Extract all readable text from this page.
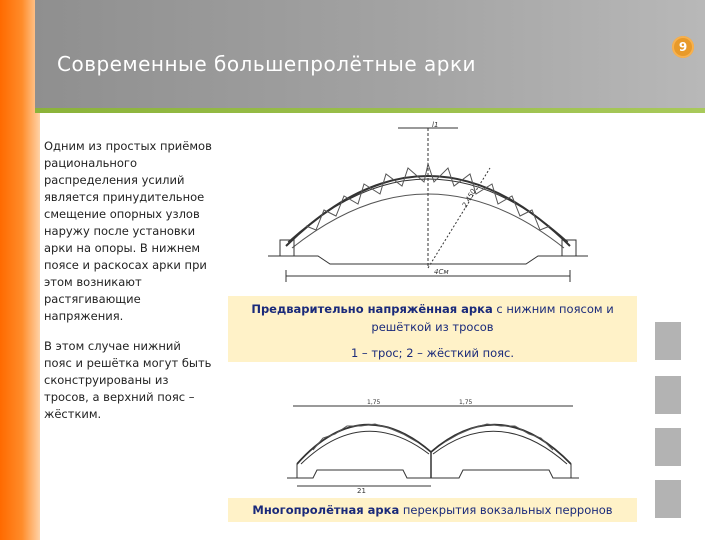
Современные большепролётные арки
9
Одним из простых приёмов рационального распределения усилий является принудительное смещение опорных узлов наружу после установки арки на опоры. В нижнем поясе и раскосах арки при этом возникают растягивающие напряжения.
В этом случае нижний пояс и решётка могут быть сконструированы из тросов, а верхний пояс – жёстким.
l1
2.450
4Cм
Предварительно напряжённая арка с нижним поясом и решёткой из тросов
1 – трос; 2 – жёсткий пояс.
1,75	1,75
21
Многопролётная арка перекрытия вокзальных перронов
